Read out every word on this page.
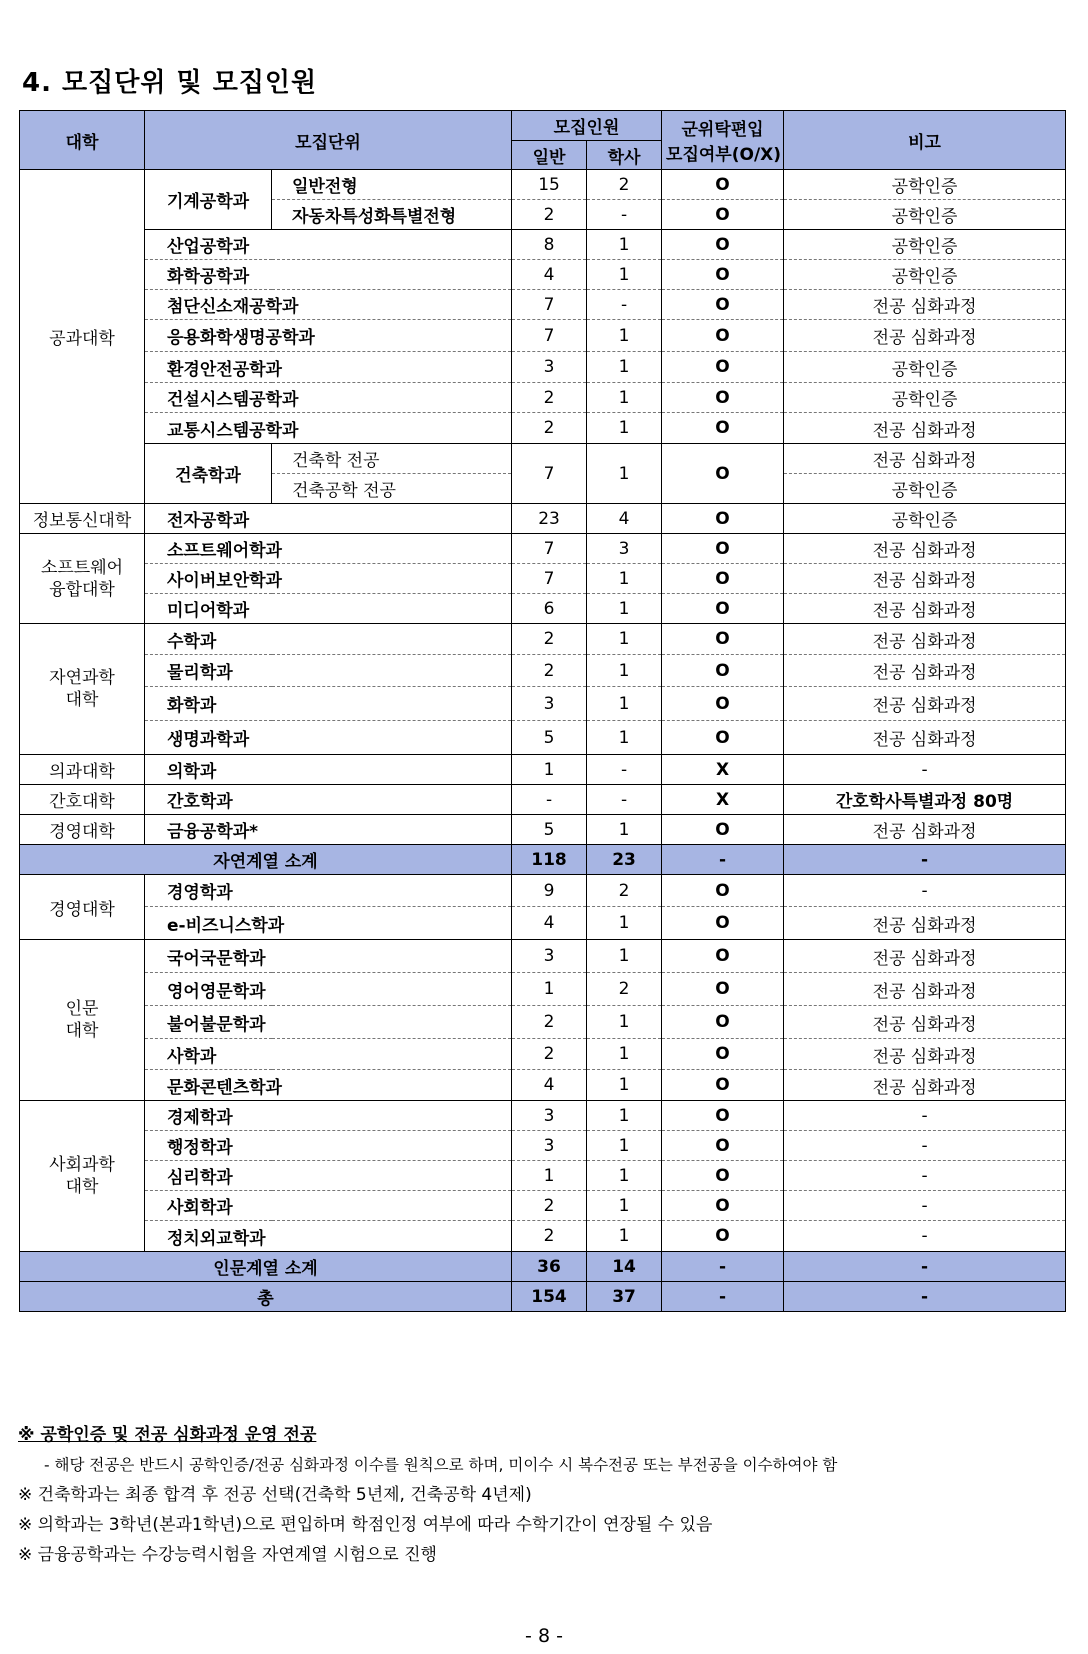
4. 모집단위 및 모집인원
대학	모집단위		모집인원		군위탁편입
모집여부(O/X)	비고
			일반	학사		
공과대학	기계공학과	일반전형	15	2	O	공학인증
		자동차특성화특별전형	2	-	O	공학인증
	산업공학과		8	1	O	공학인증
	화학공학과		4	1	O	공학인증
	첨단신소재공학과		7	-	O	전공 심화과정
	응용화학생명공학과		7	1	O	전공 심화과정
	환경안전공학과		3	1	O	공학인증
	건설시스템공학과		2	1	O	공학인증
	교통시스템공학과		2	1	O	전공 심화과정
	건축학과	건축학 전공	7	1	O	전공 심화과정
		건축공학 전공				공학인증
정보통신대학	전자공학과		23	4	O	공학인증
소프트웨어 융합대학	소프트웨어학과		7	3	O	전공 심화과정
	사이버보안학과		7	1	O	전공 심화과정
	미디어학과		6	1	O	전공 심화과정
자연과학 대학	수학과		2	1	O	전공 심화과정
	물리학과		2	1	O	전공 심화과정
	화학과		3	1	O	전공 심화과정
	생명과학과		5	1	O	전공 심화과정
의과대학	의학과		1	-	X	-
간호대학	간호학과		-	-	X	간호학사특별과정 80명
경영대학	금융공학과*		5	1	O	전공 심화과정
자연계열 소계			118	23	-	-
경영대학	경영학과		9	2	O	-
	e-비즈니스학과		4	1	O	전공 심화과정
인문 대학	국어국문학과		3	1	O	전공 심화과정
	영어영문학과		1	2	O	전공 심화과정
	불어불문학과		2	1	O	전공 심화과정
	사학과		2	1	O	전공 심화과정
	문화콘텐츠학과		4	1	O	전공 심화과정
사회과학 대학	경제학과		3	1	O	-
	행정학과		3	1	O	-
	심리학과		1	1	O	-
	사회학과		2	1	O	-
	정치외교학과		2	1	O	-
인문계열 소계			36	14	-	-
총			154	37	-	-
※ 공학인증 및 전공 심화과정 운영 전공
- 해당 전공은 반드시 공학인증/전공 심화과정 이수를 원칙으로 하며, 미이수 시 복수전공 또는 부전공을 이수하여야 함
※ 건축학과는 최종 합격 후 전공 선택(건축학 5년제, 건축공학 4년제)
※ 의학과는 3학년(본과1학년)으로 편입하며 학점인정 여부에 따라 수학기간이 연장될 수 있음
※ 금융공학과는 수강능력시험을 자연계열 시험으로 진행
- 8 -
